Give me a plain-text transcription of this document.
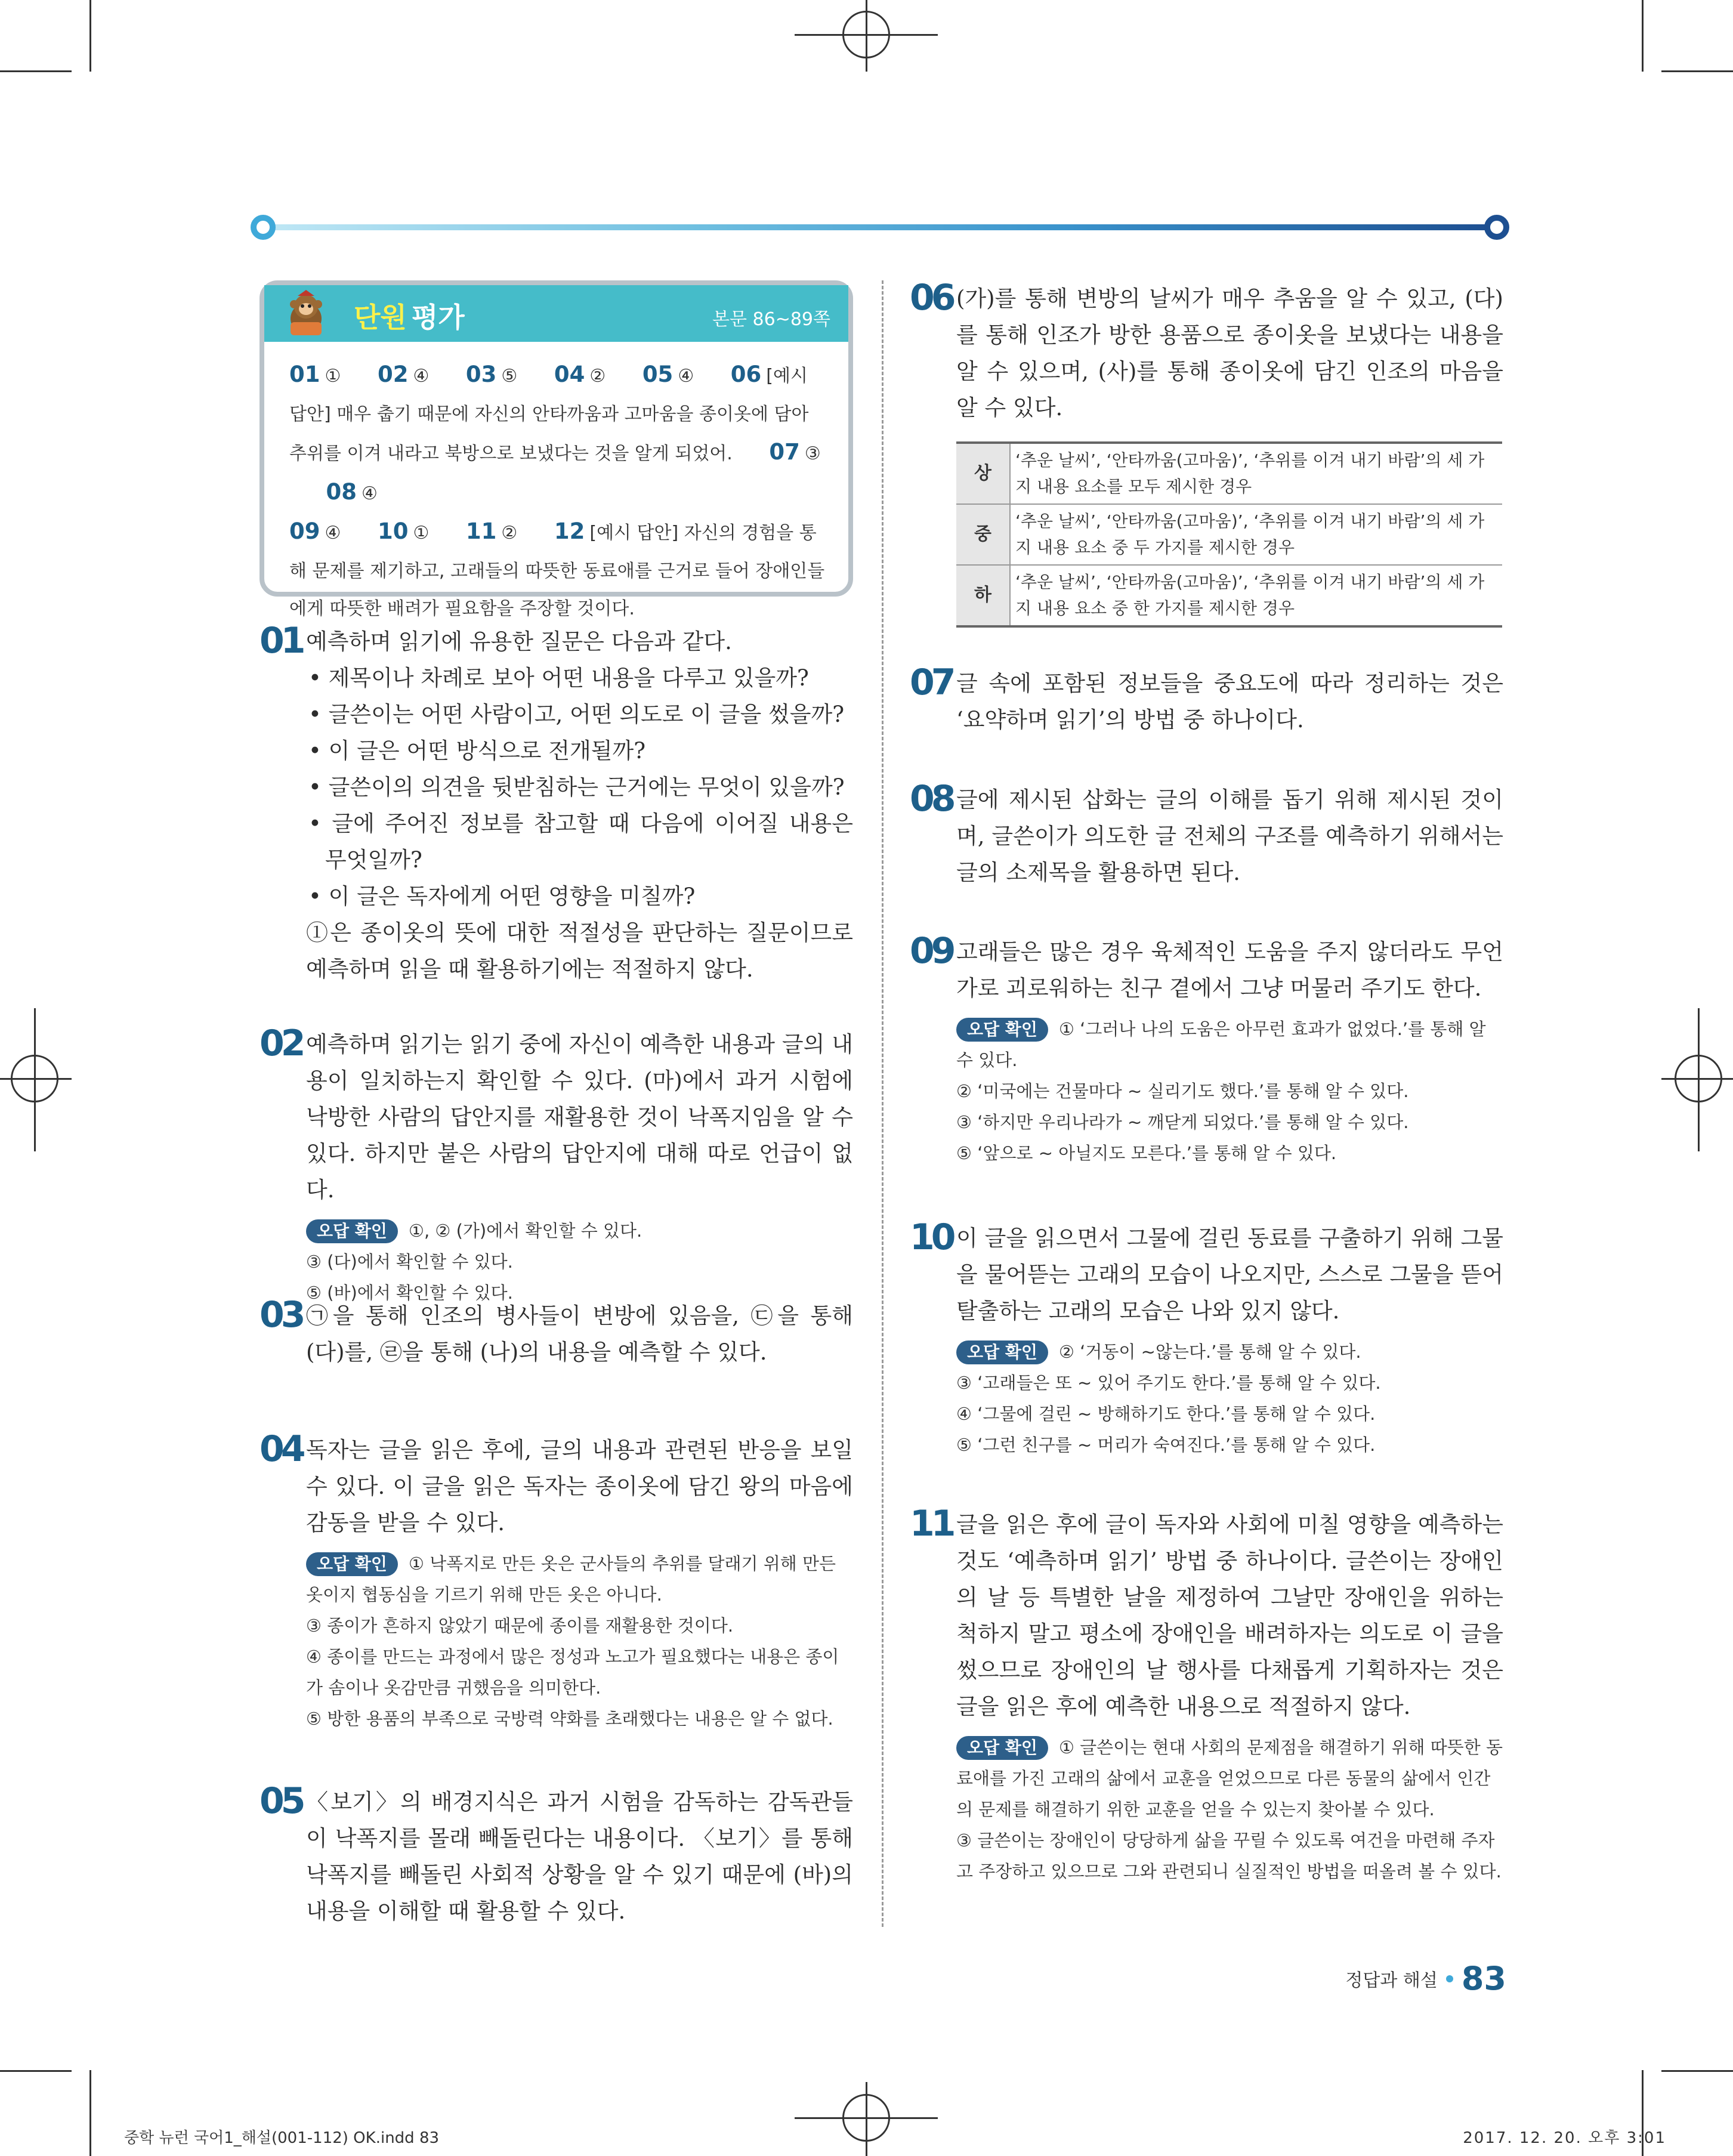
단원 평가	본문 86~89쪽
01 ① 02 ④ 03 ⑤ 04 ② 05 ④ 06 [예시 답안] 매우 춥기 때문에 자신의 안타까움과 고마움을 종이옷에 담아 추위를 이겨 내라고 북방으로 보냈다는 것을 알게 되었어. 07 ③ 08 ④
09 ④ 10 ① 11 ② 12 [예시 답안] 자신의 경험을 통해 문제를 제기하고, 고래들의 따뜻한 동료애를 근거로 들어 장애인들에게 따뜻한 배려가 필요함을 주장할 것이다.
01 예측하며 읽기에 유용한 질문은 다음과 같다.
• 제목이나 차례로 보아 어떤 내용을 다루고 있을까?
• 글쓴이는 어떤 사람이고, 어떤 의도로 이 글을 썼을까?
• 이 글은 어떤 방식으로 전개될까?
• 글쓴이의 의견을 뒷받침하는 근거에는 무엇이 있을까?
• 글에 주어진 정보를 참고할 때 다음에 이어질 내용은 무엇일까?
• 이 글은 독자에게 어떤 영향을 미칠까?
①은 종이옷의 뜻에 대한 적절성을 판단하는 질문이므로 예측하며 읽을 때 활용하기에는 적절하지 않다.
02 예측하며 읽기는 읽기 중에 자신이 예측한 내용과 글의 내용이 일치하는지 확인할 수 있다. (마)에서 과거 시험에 낙방한 사람의 답안지를 재활용한 것이 낙폭지임을 알 수 있다. 하지만 붙은 사람의 답안지에 대해 따로 언급이 없다.
오답 확인 ①, ② (가)에서 확인할 수 있다.
③ (다)에서 확인할 수 있다.
⑤ (바)에서 확인할 수 있다.
03 ㉠을 통해 인조의 병사들이 변방에 있음을, ㉢을 통해 (다)를, ㉣을 통해 (나)의 내용을 예측할 수 있다.
04 독자는 글을 읽은 후에, 글의 내용과 관련된 반응을 보일 수 있다. 이 글을 읽은 독자는 종이옷에 담긴 왕의 마음에 감동을 받을 수 있다.
오답 확인 ① 낙폭지로 만든 옷은 군사들의 추위를 달래기 위해 만든 옷이지 협동심을 기르기 위해 만든 옷은 아니다.
③ 종이가 흔하지 않았기 때문에 종이를 재활용한 것이다.
④ 종이를 만드는 과정에서 많은 정성과 노고가 필요했다는 내용은 종이가 솜이나 옷감만큼 귀했음을 의미한다.
⑤ 방한 용품의 부족으로 국방력 약화를 초래했다는 내용은 알 수 없다.
05 〈보기〉의 배경지식은 과거 시험을 감독하는 감독관들이 낙폭지를 몰래 빼돌린다는 내용이다. 〈보기〉를 통해 낙폭지를 빼돌린 사회적 상황을 알 수 있기 때문에 (바)의 내용을 이해할 때 활용할 수 있다.
06 (가)를 통해 변방의 날씨가 매우 추움을 알 수 있고, (다)를 통해 인조가 방한 용품으로 종이옷을 보냈다는 내용을 알 수 있으며, (사)를 통해 종이옷에 담긴 인조의 마음을 알 수 있다.
상	‘추운 날씨’, ‘안타까움(고마움)’, ‘추위를 이겨 내기 바람’의 세 가지 내용 요소를 모두 제시한 경우
중	‘추운 날씨’, ‘안타까움(고마움)’, ‘추위를 이겨 내기 바람’의 세 가지 내용 요소 중 두 가지를 제시한 경우
하	‘추운 날씨’, ‘안타까움(고마움)’, ‘추위를 이겨 내기 바람’의 세 가지 내용 요소 중 한 가지를 제시한 경우
07 글 속에 포함된 정보들을 중요도에 따라 정리하는 것은 ‘요약하며 읽기’의 방법 중 하나이다.
08 글에 제시된 삽화는 글의 이해를 돕기 위해 제시된 것이며, 글쓴이가 의도한 글 전체의 구조를 예측하기 위해서는 글의 소제목을 활용하면 된다.
09 고래들은 많은 경우 육체적인 도움을 주지 않더라도 무언가로 괴로워하는 친구 곁에서 그냥 머물러 주기도 한다.
오답 확인 ① ‘그러나 나의 도움은 아무런 효과가 없었다.’를 통해 알 수 있다.
② ‘미국에는 건물마다 ~ 실리기도 했다.’를 통해 알 수 있다.
③ ‘하지만 우리나라가 ~ 깨닫게 되었다.’를 통해 알 수 있다.
⑤ ‘앞으로 ~ 아닐지도 모른다.’를 통해 알 수 있다.
10 이 글을 읽으면서 그물에 걸린 동료를 구출하기 위해 그물을 물어뜯는 고래의 모습이 나오지만, 스스로 그물을 뜯어 탈출하는 고래의 모습은 나와 있지 않다.
오답 확인 ② ‘거동이 ~않는다.’를 통해 알 수 있다.
③ ‘고래들은 또 ~ 있어 주기도 한다.’를 통해 알 수 있다.
④ ‘그물에 걸린 ~ 방해하기도 한다.’를 통해 알 수 있다.
⑤ ‘그런 친구를 ~ 머리가 숙여진다.’를 통해 알 수 있다.
11 글을 읽은 후에 글이 독자와 사회에 미칠 영향을 예측하는 것도 ‘예측하며 읽기’ 방법 중 하나이다. 글쓴이는 장애인의 날 등 특별한 날을 제정하여 그날만 장애인을 위하는 척하지 말고 평소에 장애인을 배려하자는 의도로 이 글을 썼으므로 장애인의 날 행사를 다채롭게 기획하자는 것은 글을 읽은 후에 예측한 내용으로 적절하지 않다.
오답 확인 ① 글쓴이는 현대 사회의 문제점을 해결하기 위해 따뜻한 동료애를 가진 고래의 삶에서 교훈을 얻었으므로 다른 동물의 삶에서 인간의 문제를 해결하기 위한 교훈을 얻을 수 있는지 찾아볼 수 있다.
③ 글쓴이는 장애인이 당당하게 삶을 꾸릴 수 있도록 여건을 마련해 주자고 주장하고 있으므로 그와 관련되니 실질적인 방법을 떠올려 볼 수 있다.
정답과 해설 83
중학 뉴런 국어1_해설(001-112) OK.indd 83	2017. 12. 20. 오후 3:01
